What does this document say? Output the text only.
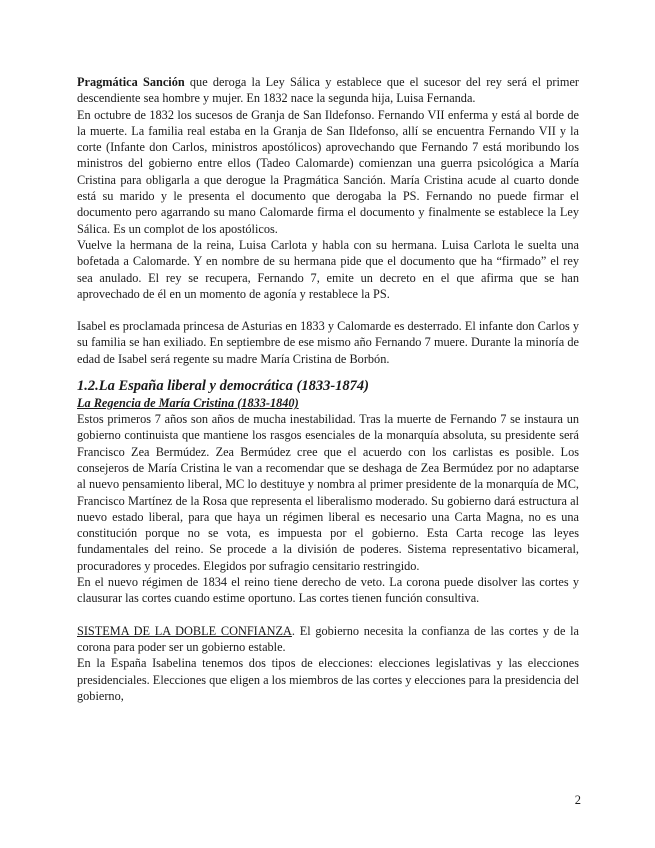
Pragmática Sanción que deroga la Ley Sálica y establece que el sucesor del rey será el primer descendiente sea hombre y mujer. En 1832 nace la segunda hija, Luisa Fernanda.

En octubre de 1832 los sucesos de Granja de San Ildefonso. Fernando VII enferma y está al borde de la muerte. La familia real estaba en la Granja de San Ildefonso, allí se encuentra Fernando VII y la corte (Infante don Carlos, ministros apostólicos) aprovechando que Fernando 7 está moribundo los ministros del gobierno entre ellos (Tadeo Calomarde) comienzan una guerra psicológica a María Cristina para obligarla a que derogue la Pragmática Sanción. María Cristina acude al cuarto donde está su marido y le presenta el documento que derogaba la PS. Fernando no puede firmar el documento pero agarrando su mano Calomarde firma el documento y finalmente se establece la Ley Sálica. Es un complot de los apostólicos.

Vuelve la hermana de la reina, Luisa Carlota y habla con su hermana. Luisa Carlota le suelta una bofetada a Calomarde. Y en nombre de su hermana pide que el documento que ha “firmado” el rey sea anulado. El rey se recupera, Fernando 7, emite un decreto en el que afirma que se han aprovechado de él en un momento de agonía y restablece la PS.

Isabel es proclamada princesa de Asturias en 1833 y Calomarde es desterrado. El infante don Carlos y su familia se han exiliado. En septiembre de ese mismo año Fernando 7 muere. Durante la minoría de edad de Isabel será regente su madre María Cristina de Borbón.

1.2.La España liberal y democrática (1833-1874)
La Regencia de María Cristina (1833-1840)

Estos primeros 7 años son años de mucha inestabilidad. Tras la muerte de Fernando 7 se instaura un gobierno continuista que mantiene los rasgos esenciales de la monarquía absoluta, su presidente será Francisco Zea Bermúdez. Zea Bermúdez cree que el acuerdo con los carlistas es posible. Los consejeros de María Cristina le van a recomendar que se deshaga de Zea Bermúdez por no adaptarse al nuevo pensamiento liberal, MC lo destituye y nombra al primer presidente de la monarquía de MC, Francisco Martínez de la Rosa que representa el liberalismo moderado. Su gobierno dará estructura al nuevo estado liberal, para que haya un régimen liberal es necesario una Carta Magna, no es una constitución porque no se vota, es impuesta por el gobierno. Esta Carta recoge las leyes fundamentales del reino. Se procede a la división de poderes. Sistema representativo bicameral, procuradores y procedes. Elegidos por sufragio censitario restringido.

En el nuevo régimen de 1834 el reino tiene derecho de veto. La corona puede disolver las cortes y clausurar las cortes cuando estime oportuno. Las cortes tienen función consultiva.

SISTEMA DE LA DOBLE CONFIANZA. El gobierno necesita la confianza de las cortes y de la corona para poder ser un gobierno estable.

En la España Isabelina tenemos dos tipos de elecciones: elecciones legislativas y las elecciones presidenciales. Elecciones que eligen a los miembros de las cortes y elecciones para la presidencia del gobierno,

2
